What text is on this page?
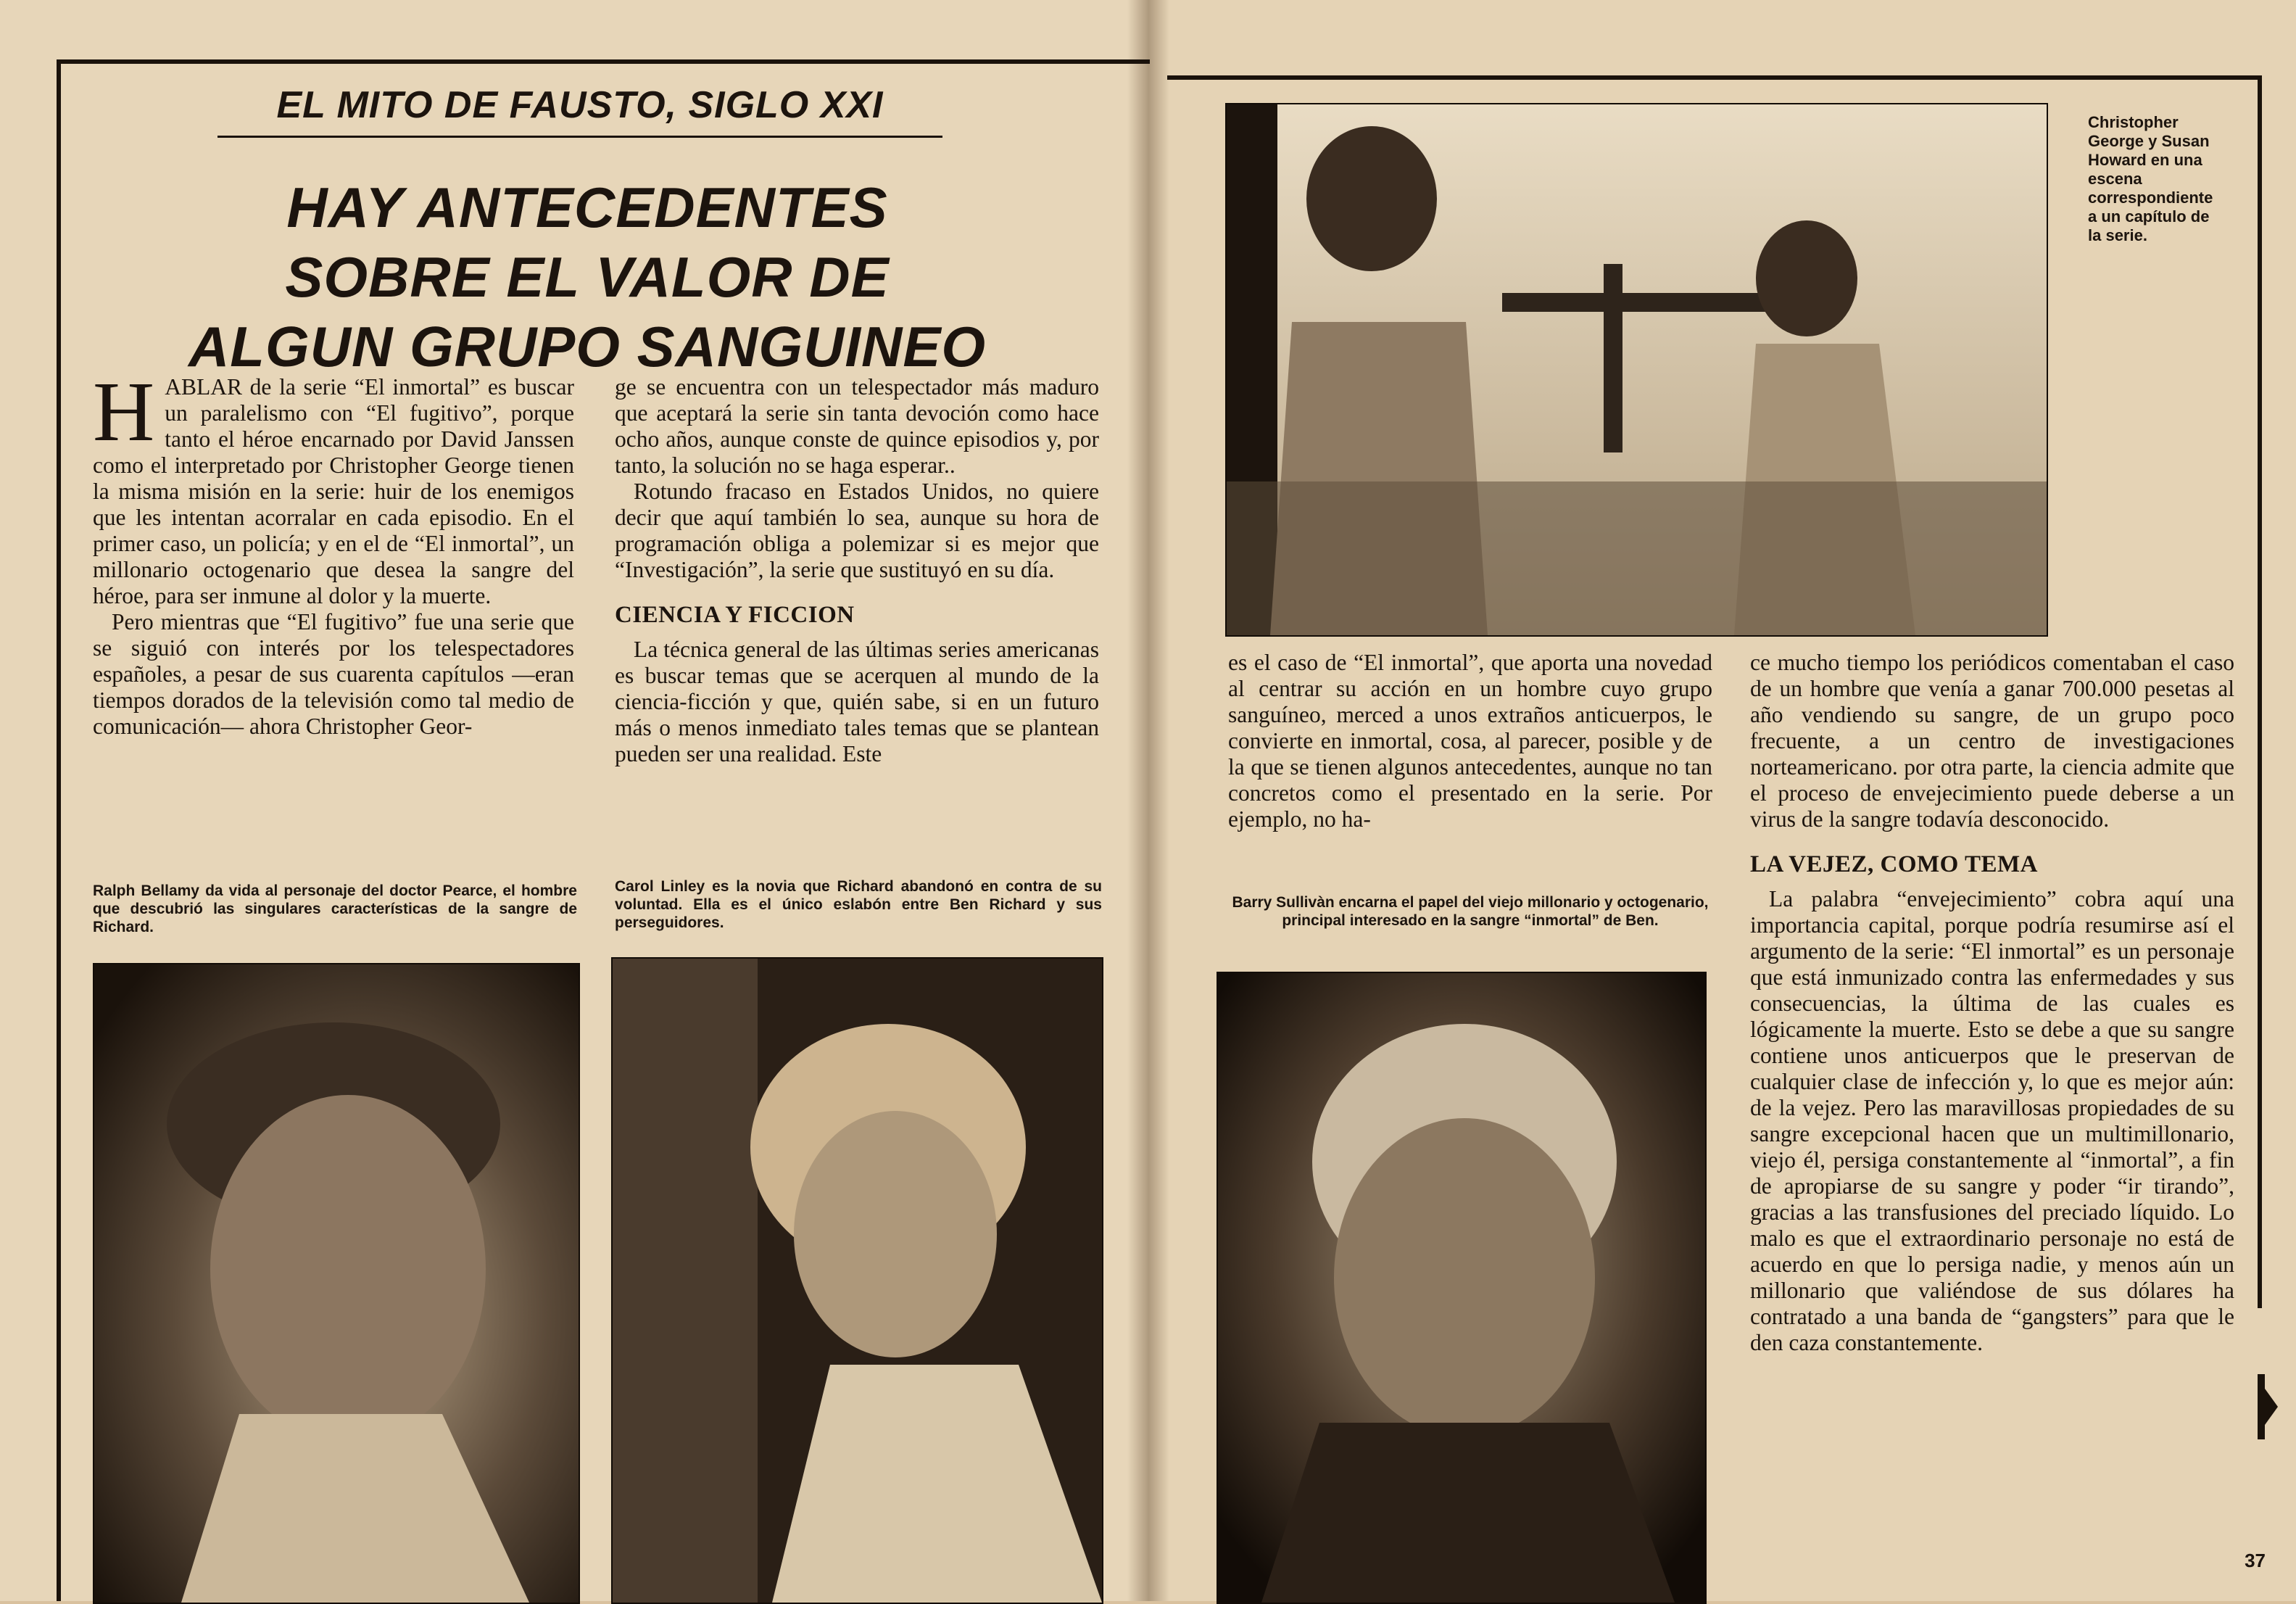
EL MITO DE FAUSTO, SIGLO XXI
HAY ANTECEDENTES
SOBRE EL VALOR DE
ALGUN GRUPO SANGUINEO

HABLAR de la serie “El inmortal” es buscar un paralelismo con “El fugitivo”, porque tanto el héroe encarnado por David Janssen como el interpretado por Christopher George tienen la misma misión en la serie: huir de los enemigos que les intentan acorralar en cada episodio. En el primer caso, un policía; y en el de “El inmortal”, un millonario octogenario que desea la sangre del héroe, para ser inmune al dolor y la muerte.

Pero mientras que “El fugitivo” fue una serie que se siguió con interés por los telespectadores españoles, a pesar de sus cuarenta capítulos —eran tiempos dorados de la televisión como tal medio de comunicación— ahora Christopher Geor-

ge se encuentra con un telespectador más maduro que aceptará la serie sin tanta devoción como hace ocho años, aunque conste de quince episodios y, por tanto, la solución no se haga esperar..

Rotundo fracaso en Estados Unidos, no quiere decir que aquí también lo sea, aunque su hora de programación obliga a polemizar si es mejor que “Investigación”, la serie que sustituyó en su día.

CIENCIA Y FICCION

La técnica general de las últimas series americanas es buscar temas que se acerquen al mundo de la ciencia-ficción y que, quién sabe, si en un futuro más o menos inmediato tales temas que se plantean pueden ser una realidad. Este

Ralph Bellamy da vida al personaje del doctor Pearce, el hombre que descubrió las singulares características de la sangre de Richard.
Carol Linley es la novia que Richard abandonó en contra de su voluntad. Ella es el único eslabón entre Ben Richard y sus perseguidores.
Christopher George y Susan Howard en una escena correspondiente a un capítulo de la serie.

es el caso de “El inmortal”, que aporta una novedad al centrar su acción en un hombre cuyo grupo sanguíneo, merced a unos extraños anticuerpos, le convierte en inmortal, cosa, al parecer, posible y de la que se tienen algunos antecedentes, aunque no tan concretos como el presentado en la serie. Por ejemplo, no ha-

Barry Sullivàn encarna el papel del viejo millonario y octogenario, principal interesado en la sangre “inmortal” de Ben.

ce mucho tiempo los periódicos comentaban el caso de un hombre que venía a ganar 700.000 pesetas al año vendiendo su sangre, de un grupo poco frecuente, a un centro de investigaciones norteamericano. por otra parte, la ciencia admite que el proceso de envejecimiento puede deberse a un virus de la sangre todavía desconocido.

LA VEJEZ, COMO TEMA

La palabra “envejecimiento” cobra aquí una importancia capital, porque podría resumirse así el argumento de la serie: “El inmortal” es un personaje que está inmunizado contra las enfermedades y sus consecuencias, la última de las cuales es lógicamente la muerte. Esto se debe a que su sangre contiene unos anticuerpos que le preservan de cualquier clase de infección y, lo que es mejor aún: de la vejez. Pero las maravillosas propiedades de su sangre excepcional hacen que un multimillonario, viejo él, persiga constantemente al “inmortal”, a fin de apropiarse de su sangre y poder “ir tirando”, gracias a las transfusiones del preciado líquido. Lo malo es que el extraordinario personaje no está de acuerdo en que lo persiga nadie, y menos aún un millonario que valiéndose de sus dólares ha contratado a una banda de “gangsters” para que le den caza constantemente.

37
